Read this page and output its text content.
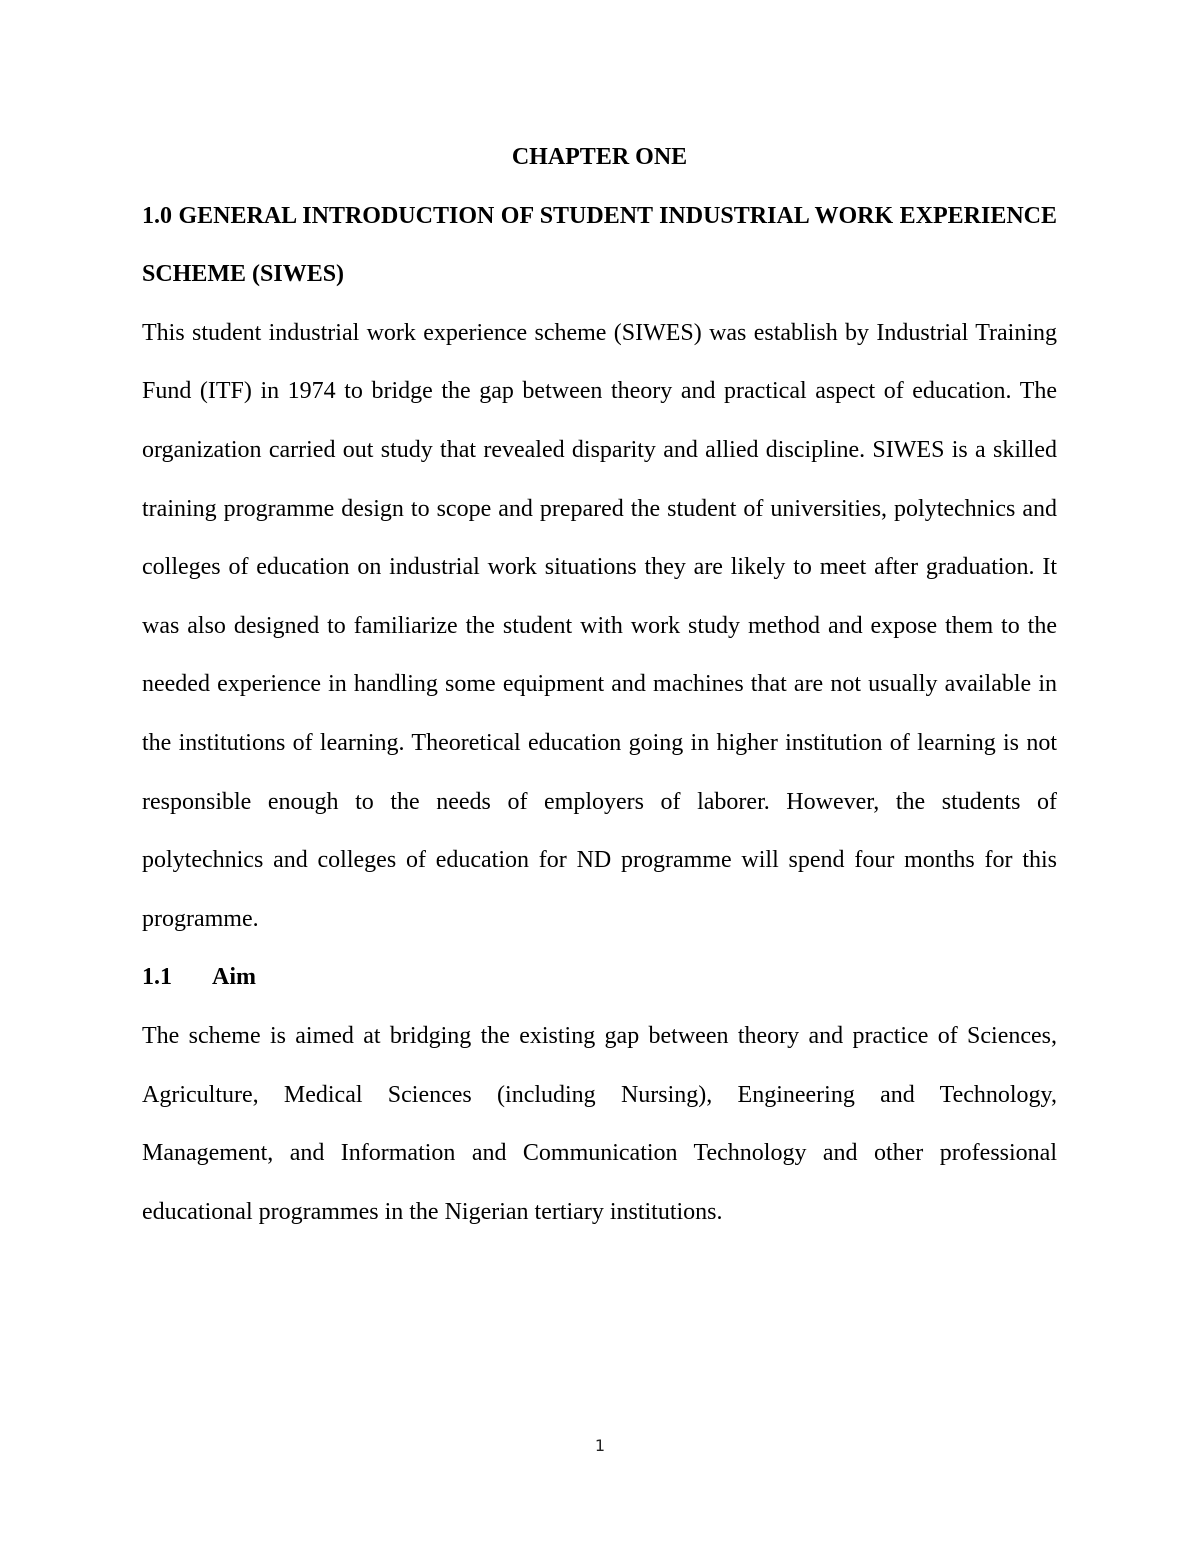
CHAPTER ONE

1.0 GENERAL INTRODUCTION OF STUDENT INDUSTRIAL WORK EXPERIENCE SCHEME (SIWES)

This student industrial work experience scheme (SIWES) was establish by Industrial Training Fund (ITF) in 1974 to bridge the gap between theory and practical aspect of education. The organization carried out study that revealed disparity and allied discipline. SIWES is a skilled training programme design to scope and prepared the student of universities, polytechnics and colleges of education on industrial work situations they are likely to meet after graduation. It was also designed to familiarize the student with work study method and expose them to the needed experience in handling some equipment and machines that are not usually available in the institutions of learning. Theoretical education going in higher institution of learning is not responsible enough to the needs of employers of laborer. However, the students of polytechnics and colleges of education for ND programme will spend four months for this programme.

1.1 Aim

The scheme is aimed at bridging the existing gap between theory and practice of Sciences, Agriculture, Medical Sciences (including Nursing), Engineering and Technology, Management, and Information and Communication Technology and other professional educational programmes in the Nigerian tertiary institutions.

1
